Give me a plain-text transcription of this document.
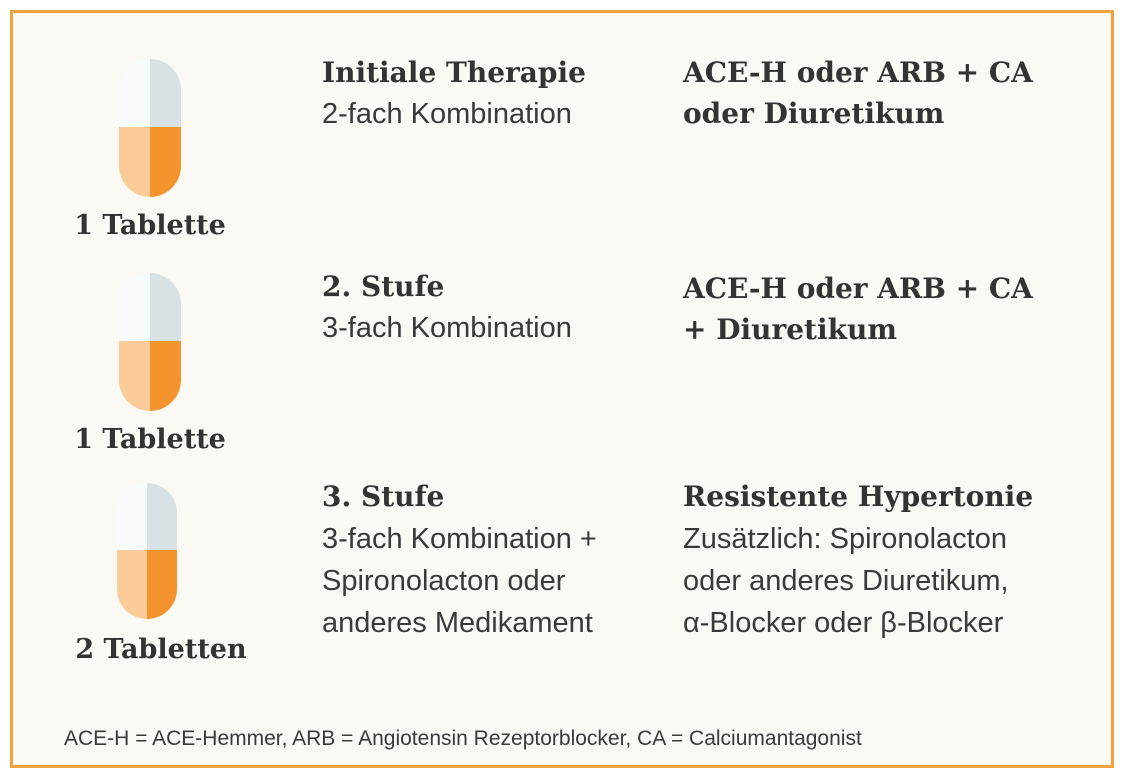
1 Tablette
Initiale Therapie
2-fach Kombination
ACE-H oder ARB + CA
oder Diuretikum
1 Tablette
2. Stufe
3-fach Kombination
ACE-H oder ARB + CA
+ Diuretikum
2 Tabletten
3. Stufe
3-fach Kombination +
Spironolacton oder
anderes Medikament
Resistente Hypertonie
Zusätzlich: Spironolacton
oder anderes Diuretikum,
α-Blocker oder β-Blocker
ACE-H = ACE-Hemmer, ARB = Angiotensin Rezeptorblocker, CA = Calciumantagonist
